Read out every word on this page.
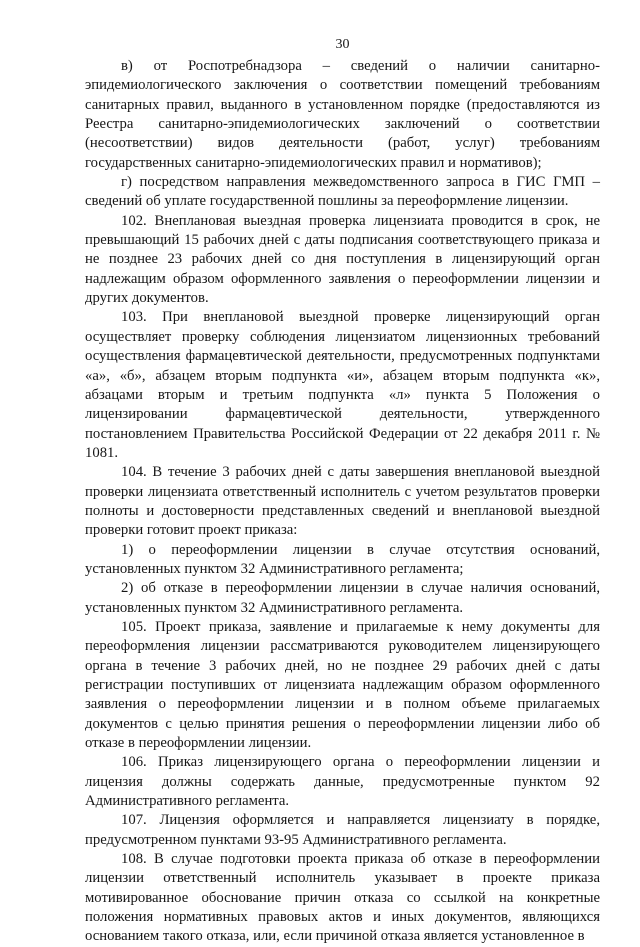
30

в) от Роспотребнадзора – сведений о наличии санитарно-эпидемиологического заключения о соответствии помещений требованиям санитарных правил, выданного в установленном порядке (предоставляются из Реестра санитарно-эпидемиологических заключений о соответствии (несоответствии) видов деятельности (работ, услуг) требованиям государственных санитарно-эпидемиологических правил и нормативов);

г) посредством направления межведомственного запроса в ГИС ГМП – сведений об уплате государственной пошлины за переоформление лицензии.

102. Внеплановая выездная проверка лицензиата проводится в срок, не превышающий 15 рабочих дней с даты подписания соответствующего приказа и не позднее 23 рабочих дней со дня поступления в лицензирующий орган надлежащим образом оформленного заявления о переоформлении лицензии и других документов.

103. При внеплановой выездной проверке лицензирующий орган осуществляет проверку соблюдения лицензиатом лицензионных требований осуществления фармацевтической деятельности, предусмотренных подпунктами «а», «б», абзацем вторым подпункта «и», абзацем вторым подпункта «к», абзацами вторым и третьим подпункта «л» пункта 5 Положения о лицензировании фармацевтической деятельности, утвержденного постановлением Правительства Российской Федерации от 22 декабря 2011 г. № 1081.

104. В течение 3 рабочих дней с даты завершения внеплановой выездной проверки лицензиата ответственный исполнитель с учетом результатов проверки полноты и достоверности представленных сведений и внеплановой выездной проверки готовит проект приказа:

1) о переоформлении лицензии в случае отсутствия оснований, установленных пунктом 32 Административного регламента;

2) об отказе в переоформлении лицензии в случае наличия оснований, установленных пунктом 32 Административного регламента.

105. Проект приказа, заявление и прилагаемые к нему документы для переоформления лицензии рассматриваются руководителем лицензирующего органа в течение 3 рабочих дней, но не позднее 29 рабочих дней с даты регистрации поступивших от лицензиата надлежащим образом оформленного заявления о переоформлении лицензии и в полном объеме прилагаемых документов с целью принятия решения о переоформлении лицензии либо об отказе в переоформлении лицензии.

106. Приказ лицензирующего органа о переоформлении лицензии и лицензия должны содержать данные, предусмотренные пунктом 92 Административного регламента.

107. Лицензия оформляется и направляется лицензиату в порядке, предусмотренном пунктами 93-95 Административного регламента.

108. В случае подготовки проекта приказа об отказе в переоформлении лицензии ответственный исполнитель указывает в проекте приказа мотивированное обоснование причин отказа со ссылкой на конкретные положения нормативных правовых актов и иных документов, являющихся основанием такого отказа, или, если причиной отказа является установленное в
